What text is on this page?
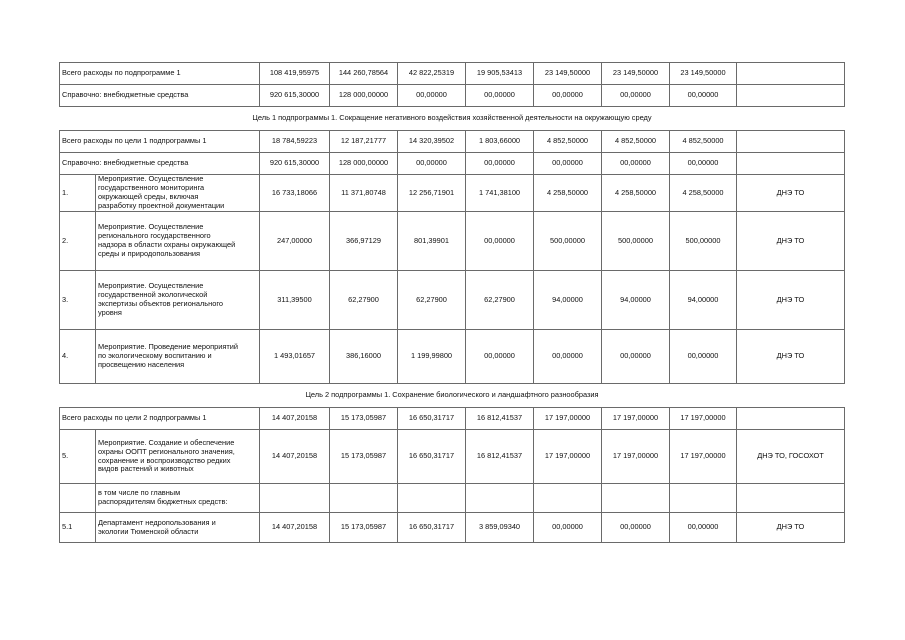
Всего расходы по подпрограмме 1		108 419,95975	144 260,78564	42 822,25319	19 905,53413	23 149,50000	23 149,50000	23 149,50000	
Справочно: внебюджетные средства		920 615,30000	128 000,00000	00,00000	00,00000	00,00000	00,00000	00,00000	
Цель 1 подпрограммы 1. Сокращение негативного воздействия хозяйственной деятельности на окружающую среду									
Всего расходы по цели 1 подпрограммы 1		18 784,59223	12 187,21777	14 320,39502	1 803,66000	4 852,50000	4 852,50000	4 852,50000	
Справочно: внебюджетные средства		920 615,30000	128 000,00000	00,00000	00,00000	00,00000	00,00000	00,00000	
1.	Мероприятие. Осуществление
государственного мониторинга
окружающей среды, включая
разработку проектной документации	16 733,18066	11 371,80748	12 256,71901	1 741,38100	4 258,50000	4 258,50000	4 258,50000	ДНЭ ТО
2.	Мероприятие. Осуществление
регионального государственного
надзора в области охраны окружающей
среды и природопользования	247,00000	366,97129	801,39901	00,00000	500,00000	500,00000	500,00000	ДНЭ ТО
3.	Мероприятие. Осуществление
государственной экологической
экспертизы объектов регионального
уровня	311,39500	62,27900	62,27900	62,27900	94,00000	94,00000	94,00000	ДНЭ ТО
4.	Мероприятие. Проведение мероприятий
по экологическому воспитанию и
просвещению населения	1 493,01657	386,16000	1 199,99800	00,00000	00,00000	00,00000	00,00000	ДНЭ ТО
Цель 2 подпрограммы 1. Сохранение биологического и ландшафтного разнообразия									
Всего расходы по цели 2 подпрограммы 1		14 407,20158	15 173,05987	16 650,31717	16 812,41537	17 197,00000	17 197,00000	17 197,00000	
5.	Мероприятие. Создание и обеспечение
охраны ООПТ регионального значения,
сохранение и воспроизводство редких
видов растений и животных	14 407,20158	15 173,05987	16 650,31717	16 812,41537	17 197,00000	17 197,00000	17 197,00000	ДНЭ ТО, ГОСОХОТ
	в том числе по главным
распорядителям бюджетных средств:								
5.1	Департамент недропользования и
экологии Тюменской области	14 407,20158	15 173,05987	16 650,31717	3 859,09340	00,00000	00,00000	00,00000	ДНЭ ТО
